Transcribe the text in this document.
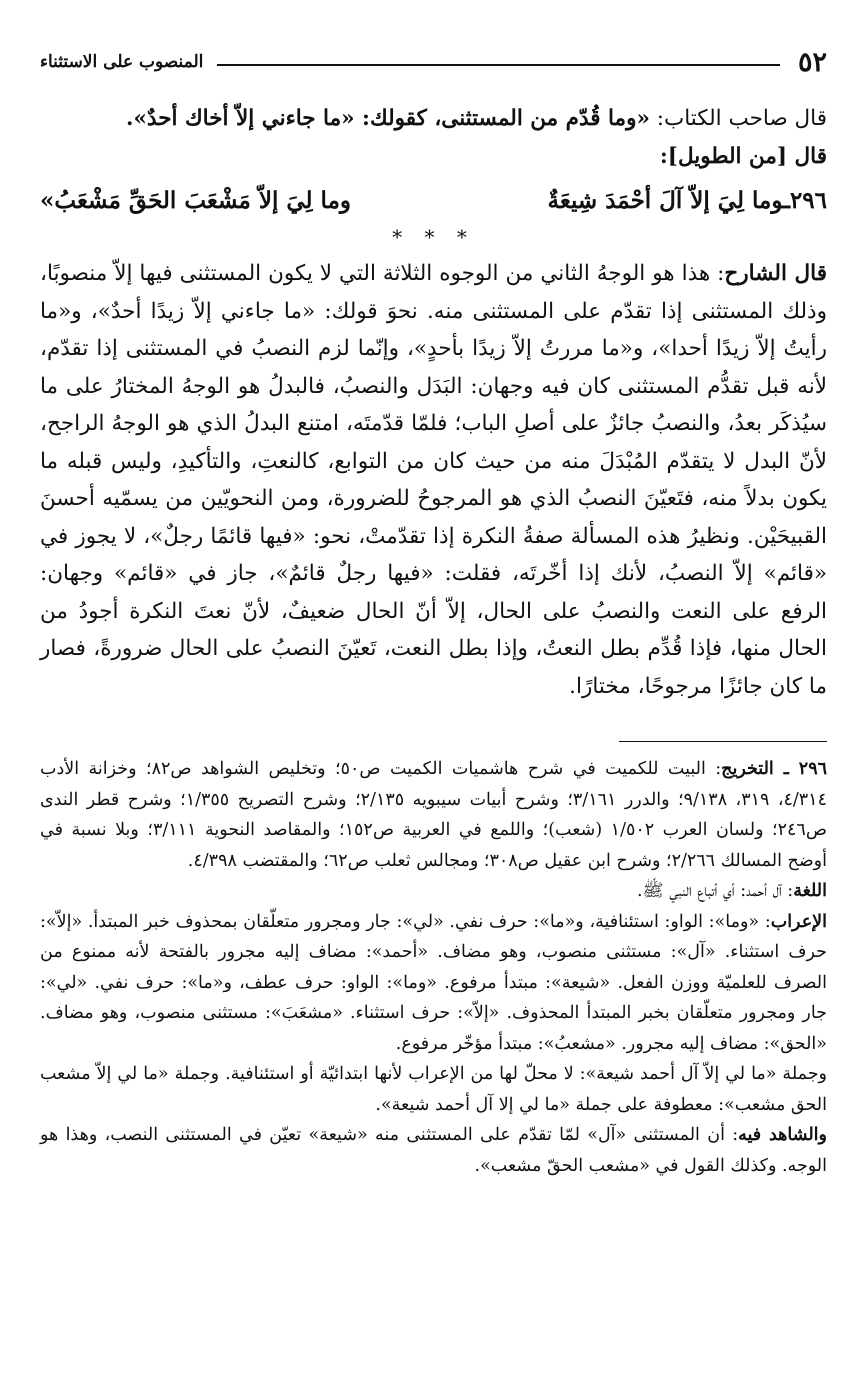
٥٢
المنصوب على الاستثناء

قال صاحب الكتاب: «وما قُدّم من المستثنى، كقولك: «ما جاءني إلاّ أخاك أحدٌ».

قال [من الطويل]:

٢٩٦ـوما لِيَ إلاّ آلَ أحْمَدَ شِيعَةٌ
وما لِيَ إلاّ مَشْعَبَ الحَقِّ مَشْعَبُ»

* * *

قال الشارح: هذا هو الوجهُ الثاني من الوجوه الثلاثة التي لا يكون المستثنى فيها إلاّ منصوبًا، وذلك المستثنى إذا تقدّم على المستثنى منه. نحوَ قولك: «ما جاءني إلاّ زيدًا أحدٌ»، و«ما رأيتُ إلاّ زيدًا أحدا»، و«ما مررتُ إلاّ زيدًا بأحدٍ»، وإنّما لزم النصبُ في المستثنى إذا تقدّم، لأنه قبل تقدُّم المستثنى كان فيه وجهان: البَدَل والنصبُ، فالبدلُ هو الوجهُ المختارُ على ما سيُذكَر بعدُ، والنصبُ جائزٌ على أصلِ الباب؛ فلمّا قدّمتَه، امتنع البدلُ الذي هو الوجهُ الراجح، لأنّ البدل لا يتقدّم المُبْدَلَ منه من حيث كان من التوابع، كالنعتِ، والتأكيدِ، وليس قبله ما يكون بدلاً منه، فتَعيّنَ النصبُ الذي هو المرجوحُ للضرورة، ومن النحويّين من يسمّيه أحسنَ القبيحَيْن. ونظيرُ هذه المسألة صفةُ النكرة إذا تقدّمتْ، نحو: «فيها قائمًا رجلٌ»، لا يجوز في «قائم» إلاّ النصبُ، لأنك إذا أخّرتَه، فقلت: «فيها رجلٌ قائمٌ»، جاز في «قائم» وجهان: الرفع على النعت والنصبُ على الحال، إلاّ أنّ الحال ضعيفٌ، لأنّ نعتَ النكرة أجودُ من الحال منها، فإذا قُدِّم بطل النعتُ، وإذا بطل النعت، تَعيّنَ النصبُ على الحال ضرورةً، فصار ما كان جائزًا مرجوحًا، مختارًا.

٢٩٦ ـ التخريج: البيت للكميت في شرح هاشميات الكميت ص٥٠؛ وتخليص الشواهد ص٨٢؛ وخزانة الأدب ٤/٣١٤، ٣١٩، ٩/١٣٨؛ والدرر ٣/١٦١؛ وشرح أبيات سيبويه ٢/١٣٥؛ وشرح التصريح ١/٣٥٥؛ وشرح قطر الندى ص٢٤٦؛ ولسان العرب ١/٥٠٢ (شعب)؛ واللمع في العربية ص١٥٢؛ والمقاصد النحوية ٣/١١١؛ وبلا نسبة في أوضح المسالك ٢/٢٦٦؛ وشرح ابن عقيل ص٣٠٨؛ ومجالس ثعلب ص٦٢؛ والمقتضب ٤/٣٩٨.

اللغة: آل أحمد: أي أتباع النبي ﷺ.

الإعراب: «وما»: الواو: استئنافية، و«ما»: حرف نفي. «لي»: جار ومجرور متعلّقان بمحذوف خبر المبتدأ. «إلاّ»: حرف استثناء. «آل»: مستثنى منصوب، وهو مضاف. «أحمد»: مضاف إليه مجرور بالفتحة لأنه ممنوع من الصرف للعلميّة ووزن الفعل. «شيعة»: مبتدأ مرفوع. «وما»: الواو: حرف عطف، و«ما»: حرف نفي. «لي»: جار ومجرور متعلّقان بخبر المبتدأ المحذوف. «إلاّ»: حرف استثناء. «مشعَبَ»: مستثنى منصوب، وهو مضاف. «الحق»: مضاف إليه مجرور. «مشعبُ»: مبتدأ مؤخّر مرفوع.

وجملة «ما لي إلاّ آل أحمد شيعة»: لا محلّ لها من الإعراب لأنها ابتدائيّة أو استئنافية. وجملة «ما لي إلاّ مشعب الحق مشعب»: معطوفة على جملة «ما لي إلا آل أحمد شيعة».

والشاهد فيه: أن المستثنى «آل» لمّا تقدّم على المستثنى منه «شيعة» تعيّن في المستثنى النصب، وهذا هو الوجه. وكذلك القول في «مشعب الحقّ مشعب».
